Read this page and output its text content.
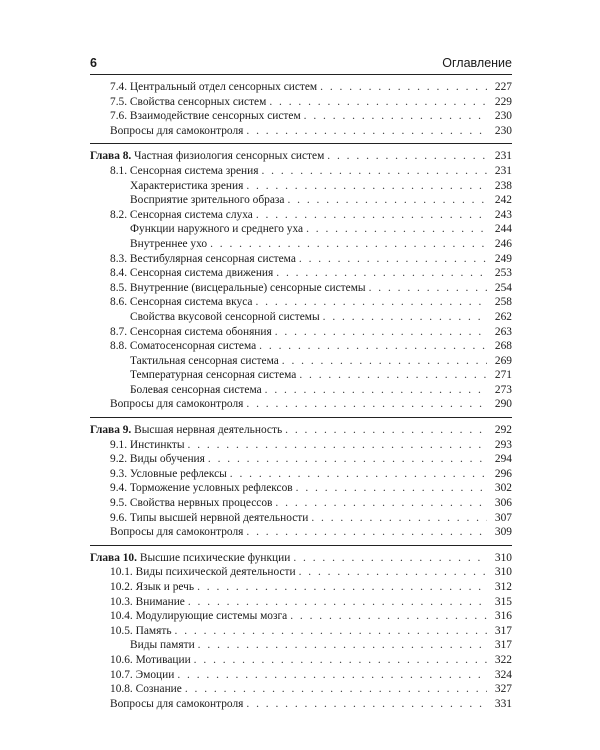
6	Оглавление
7.4. Центральный отдел сенсорных систем . . .	227
7.5. Свойства сенсорных систем . . .	229
7.6. Взаимодействие сенсорных систем . . .	230
Вопросы для самоконтроля . . .	230
Глава 8. Частная физиология сенсорных систем . . .	231
8.1. Сенсорная система зрения . . .	231
Характеристика зрения . . .	238
Восприятие зрительного образа . . .	242
8.2. Сенсорная система слуха . . .	243
Функции наружного и среднего уха . . .	244
Внутреннее ухо . . .	246
8.3. Вестибулярная сенсорная система . . .	249
8.4. Сенсорная система движения . . .	253
8.5. Внутренние (висцеральные) сенсорные системы . . .	254
8.6. Сенсорная система вкуса . . .	258
Свойства вкусовой сенсорной системы . . .	262
8.7. Сенсорная система обоняния . . .	263
8.8. Соматосенсорная система . . .	268
Тактильная сенсорная система . . .	269
Температурная сенсорная система . . .	271
Болевая сенсорная система . . .	273
Вопросы для самоконтроля . . .	290
Глава 9. Высшая нервная деятельность . . .	292
9.1. Инстинкты . . .	293
9.2. Виды обучения . . .	294
9.3. Условные рефлексы . . .	296
9.4. Торможение условных рефлексов . . .	302
9.5. Свойства нервных процессов . . .	306
9.6. Типы высшей нервной деятельности . . .	307
Вопросы для самоконтроля . . .	309
Глава 10. Высшие психические функции . . .	310
10.1. Виды психической деятельности . . .	310
10.2. Язык и речь . . .	312
10.3. Внимание . . .	315
10.4. Модулирующие системы мозга . . .	316
10.5. Память . . .	317
Виды памяти . . .	317
10.6. Мотивации . . .	322
10.7. Эмоции . . .	324
10.8. Сознание . . .	327
Вопросы для самоконтроля . . .	331
